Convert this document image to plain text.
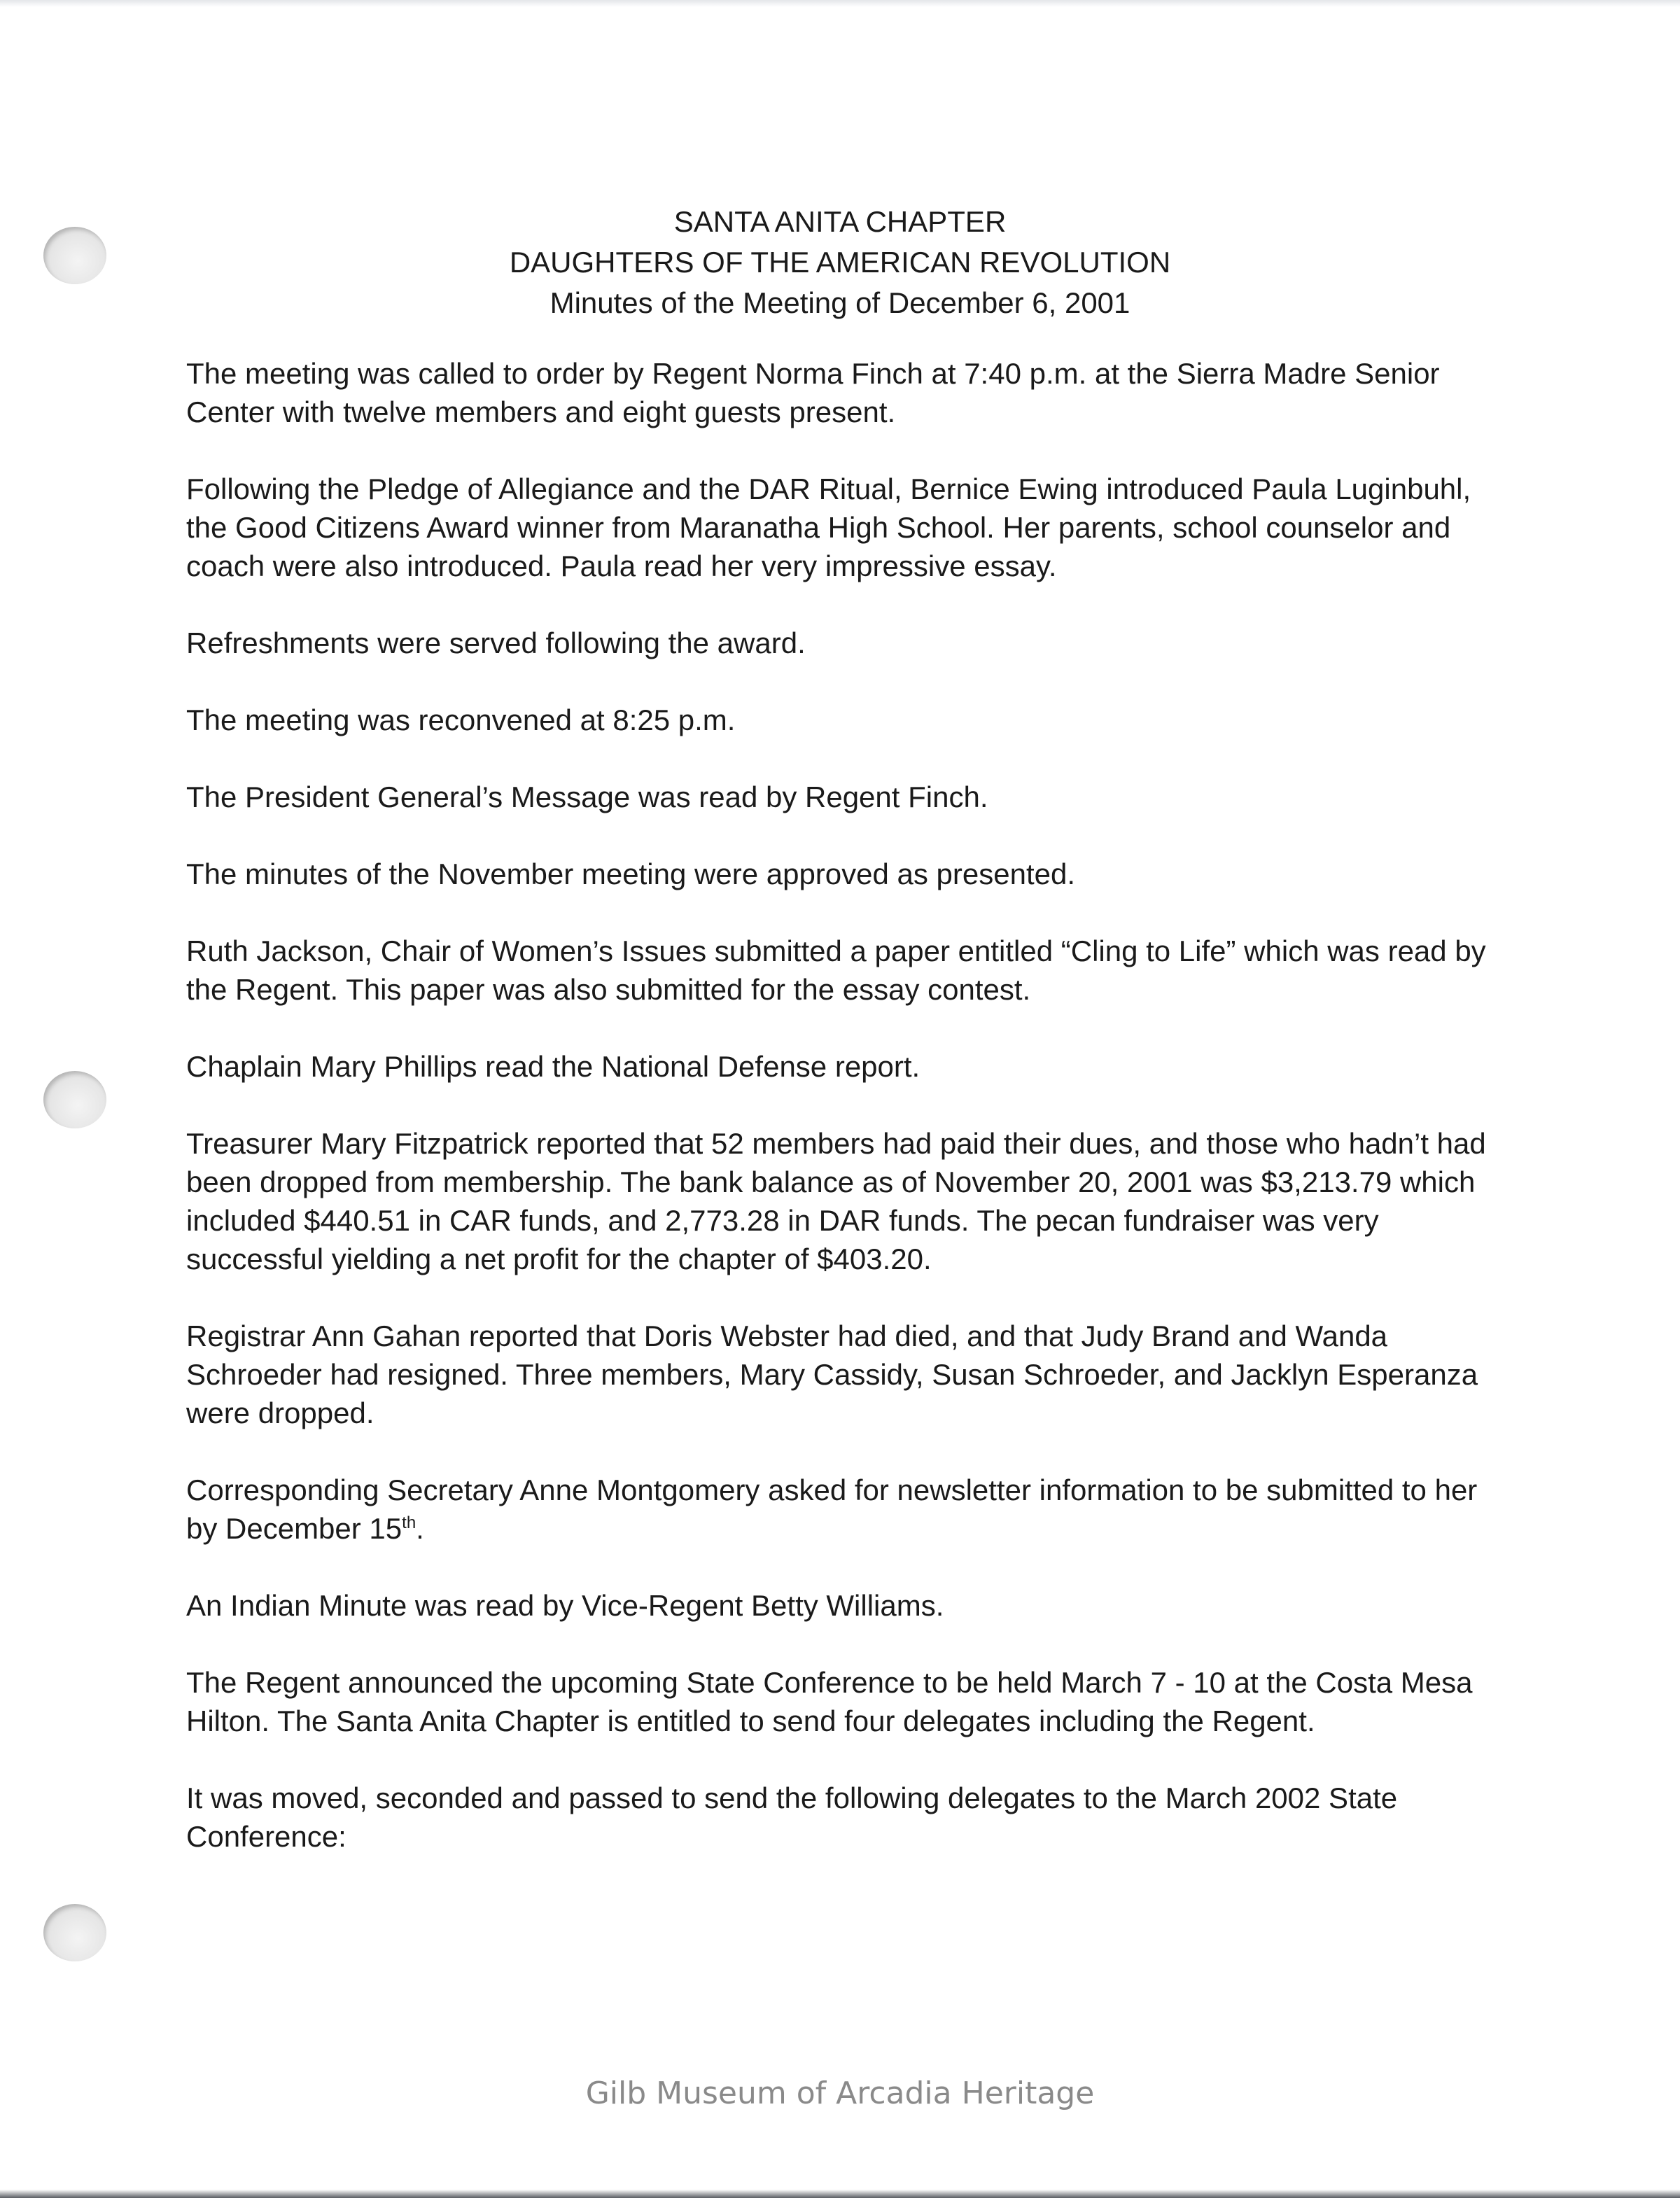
SANTA ANITA CHAPTER
DAUGHTERS OF THE AMERICAN REVOLUTION
Minutes of the Meeting of December 6, 2001

The meeting was called to order by Regent Norma Finch at 7:40 p.m. at the Sierra Madre Senior Center with twelve members and eight guests present.

Following the Pledge of Allegiance and the DAR Ritual, Bernice Ewing introduced Paula Luginbuhl, the Good Citizens Award winner from Maranatha High School. Her parents, school counselor and coach were also introduced. Paula read her very impressive essay.

Refreshments were served following the award.

The meeting was reconvened at 8:25 p.m.

The President General’s Message was read by Regent Finch.

The minutes of the November meeting were approved as presented.

Ruth Jackson, Chair of Women’s Issues submitted a paper entitled “Cling to Life” which was read by the Regent. This paper was also submitted for the essay contest.

Chaplain Mary Phillips read the National Defense report.

Treasurer Mary Fitzpatrick reported that 52 members had paid their dues, and those who hadn’t had been dropped from membership. The bank balance as of November 20, 2001 was $3,213.79 which included $440.51 in CAR funds, and 2,773.28 in DAR funds. The pecan fundraiser was very successful yielding a net profit for the chapter of $403.20.

Registrar Ann Gahan reported that Doris Webster had died, and that Judy Brand and Wanda Schroeder had resigned. Three members, Mary Cassidy, Susan Schroeder, and Jacklyn Esperanza were dropped.

Corresponding Secretary Anne Montgomery asked for newsletter information to be submitted to her by December 15th.

An Indian Minute was read by Vice-Regent Betty Williams.

The Regent announced the upcoming State Conference to be held March 7 - 10 at the Costa Mesa Hilton. The Santa Anita Chapter is entitled to send four delegates including the Regent.

It was moved, seconded and passed to send the following delegates to the March 2002 State Conference:

Gilb Museum of Arcadia Heritage
